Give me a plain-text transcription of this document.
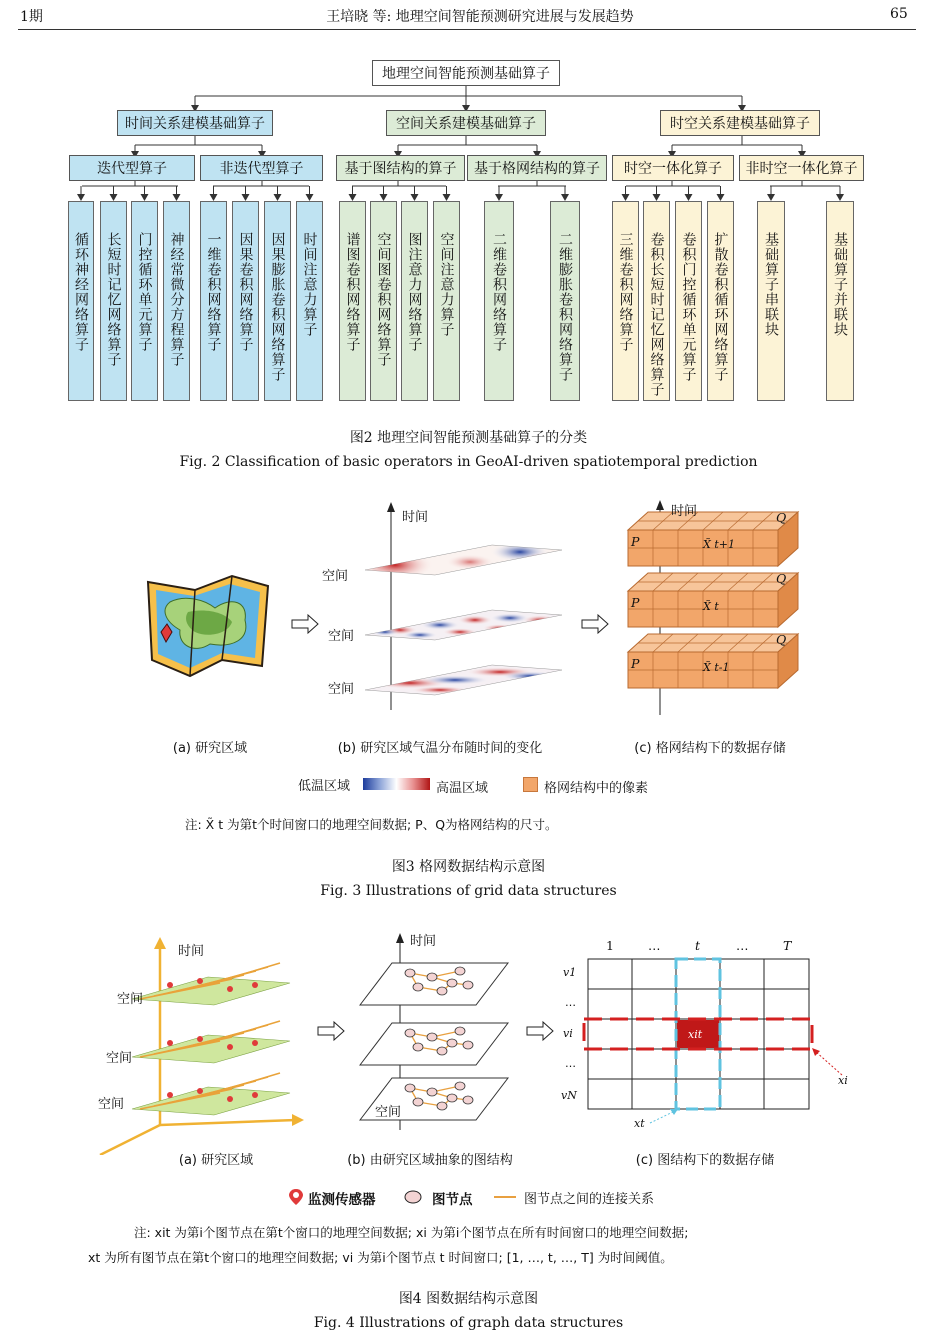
1期	王培晓 等: 地理空间智能预测研究进展与发展趋势	65
地理空间智能预测基础算子
时间关系建模基础算子	空间关系建模基础算子	时空关系建模基础算子
迭代型算子	非迭代型算子	基于图结构的算子	基于格网结构的算子	时空一体化算子	非时空一体化算子
循环神经网络算子	长短时记忆网络算子	门控循环单元算子	神经常微分方程算子	一维卷积网络算子	因果卷积网络算子	因果膨胀卷积网络算子	时间注意力算子	谱图卷积网络算子	空间图卷积网络算子	图注意力网络算子	空间注意力算子	二维卷积网络算子	二维膨胀卷积网络算子	三维卷积网络算子	卷积长短时记忆网络算子	卷积门控循环单元算子	扩散卷积循环网络算子	基础算子串联块	基础算子并联块
图2 地理空间智能预测基础算子的分类
Fig. 2 Classification of basic operators in GeoAI-driven spatiotemporal prediction
时间
空间
空间
空间
时间
P
P
P
Q
Q
Q
X̃ t+1
X̃ t
X̃ t-1
(a) 研究区域	(b) 研究区域气温分布随时间的变化	(c) 格网结构下的数据存储
低温区域	高温区域	格网结构中的像素
注: X̃ t 为第t个时间窗口的地理空间数据; P、Q为格网结构的尺寸。
图3 格网数据结构示意图
Fig. 3 Illustrations of grid data structures
时间
空间
空间
空间
时间
空间
1	…	t	…	T
v1
…
vi
…
vN
xit
xi
xt
(a) 研究区域	(b) 由研究区域抽象的图结构	(c) 图结构下的数据存储
监测传感器	图节点	图节点之间的连接关系
注: xit 为第i个图节点在第t个窗口的地理空间数据; xi 为第i个图节点在所有时间窗口的地理空间数据;
xt 为所有图节点在第t个窗口的地理空间数据; vi 为第i个图节点 t 时间窗口; [1, …, t, …, T] 为时间阈值。
图4 图数据结构示意图
Fig. 4 Illustrations of graph data structures
